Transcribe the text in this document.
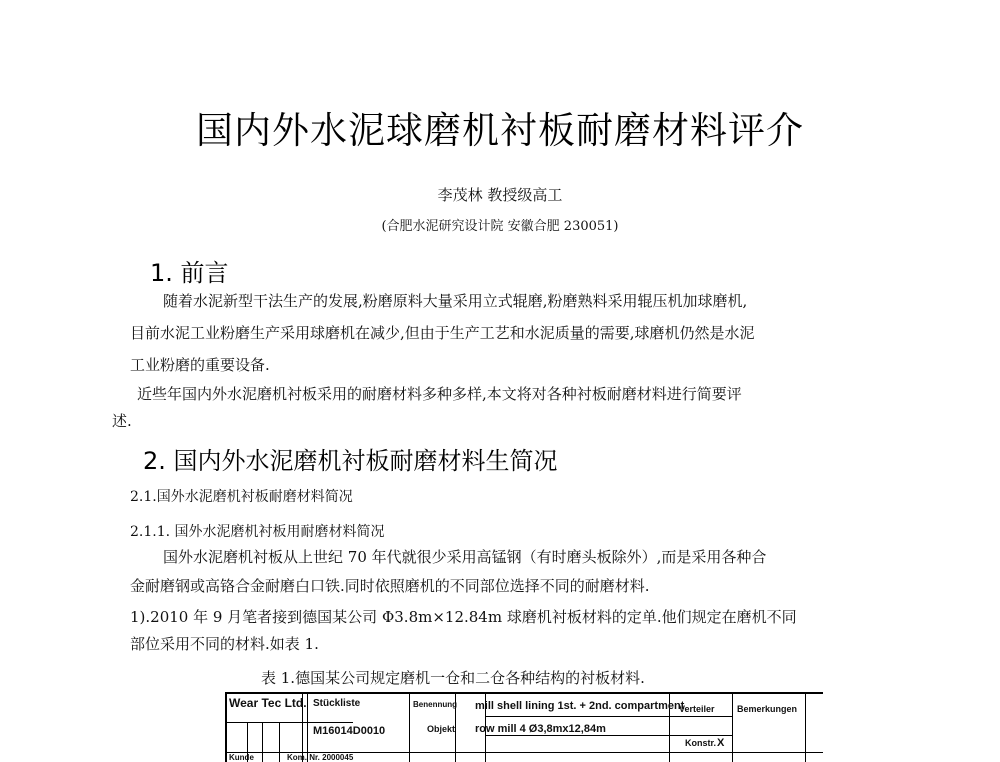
国内外水泥球磨机衬板耐磨材料评介
李茂林 教授级高工
(合肥水泥研究设计院 安徽合肥 230051)
1. 前言
随着水泥新型干法生产的发展,粉磨原料大量采用立式辊磨,粉磨熟料采用辊压机加球磨机,
目前水泥工业粉磨生产采用球磨机在减少,但由于生产工艺和水泥质量的需要,球磨机仍然是水泥
工业粉磨的重要设备.
近些年国内外水泥磨机衬板采用的耐磨材料多种多样,本文将对各种衬板耐磨材料进行简要评
述.
2. 国内外水泥磨机衬板耐磨材料生简况
2.1.国外水泥磨机衬板耐磨材料简况
2.1.1. 国外水泥磨机衬板用耐磨材料简况
国外水泥磨机衬板从上世纪 70 年代就很少采用高锰钢（有时磨头板除外）,而是采用各种合
金耐磨钢或高铬合金耐磨白口铁.同时依照磨机的不同部位选择不同的耐磨材料.
1).2010 年 9 月笔者接到德国某公司 Φ3.8m×12.84m 球磨机衬板材料的定单.他们规定在磨机不同
部位采用不同的材料.如表 1.
表 1.德国某公司规定磨机一仓和二仓各种结构的衬板材料.
Wear Tec Ltd. Stückliste
M16014D0010
Benennung mill shell lining 1st. + 2nd. compartment
Objekt row mill 4 Ø3,8mx12,84m
Verteiler Bemerkungen
Konstr. X
Kunde	Kom. Nr. 2000045
